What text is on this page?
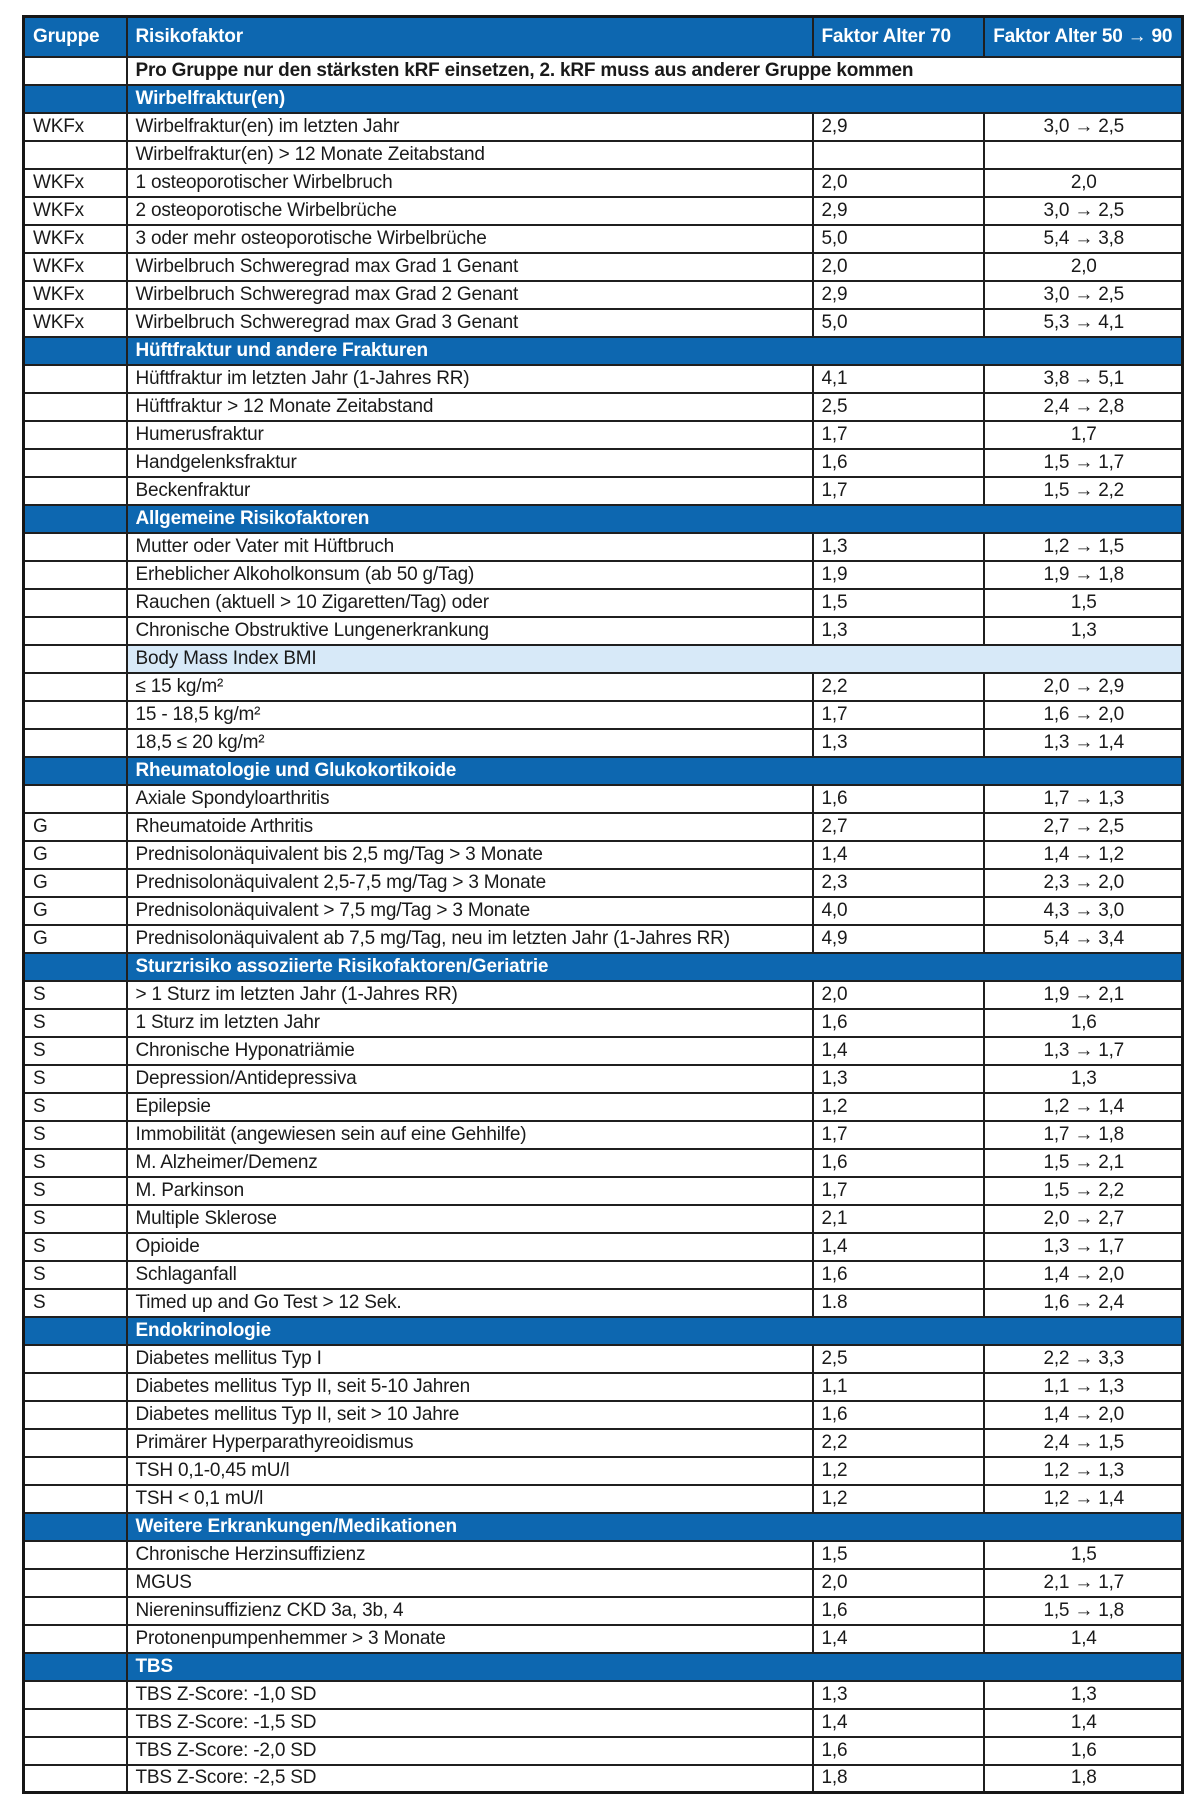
Gruppe	Risikofaktor	Faktor Alter 70	Faktor Alter 50 → 90
	Pro Gruppe nur den stärksten kRF einsetzen, 2. kRF muss aus anderer Gruppe kommen		
	Wirbelfraktur(en)		
WKFx	Wirbelfraktur(en) im letzten Jahr	2,9	3,0 → 2,5
	Wirbelfraktur(en) > 12 Monate Zeitabstand		
WKFx	1 osteoporotischer Wirbelbruch	2,0	2,0
WKFx	2 osteoporotische Wirbelbrüche	2,9	3,0 → 2,5
WKFx	3 oder mehr osteoporotische Wirbelbrüche	5,0	5,4 → 3,8
WKFx	Wirbelbruch Schweregrad max Grad 1 Genant	2,0	2,0
WKFx	Wirbelbruch Schweregrad max Grad 2 Genant	2,9	3,0 → 2,5
WKFx	Wirbelbruch Schweregrad max Grad 3 Genant	5,0	5,3 → 4,1
	Hüftfraktur und andere Frakturen		
	Hüftfraktur im letzten Jahr (1-Jahres RR)	4,1	3,8 → 5,1
	Hüftfraktur > 12 Monate Zeitabstand	2,5	2,4 → 2,8
	Humerusfraktur	1,7	1,7
	Handgelenksfraktur	1,6	1,5 → 1,7
	Beckenfraktur	1,7	1,5 → 2,2
	Allgemeine Risikofaktoren		
	Mutter oder Vater mit Hüftbruch	1,3	1,2 → 1,5
	Erheblicher Alkoholkonsum (ab 50 g/Tag)	1,9	1,9 → 1,8
	Rauchen (aktuell > 10 Zigaretten/Tag) oder	1,5	1,5
	Chronische Obstruktive Lungenerkrankung	1,3	1,3
	Body Mass Index BMI		
	≤ 15 kg/m²	2,2	2,0 → 2,9
	15 - 18,5 kg/m²	1,7	1,6 → 2,0
	18,5 ≤ 20 kg/m²	1,3	1,3 → 1,4
	Rheumatologie und Glukokortikoide		
	Axiale Spondyloarthritis	1,6	1,7 → 1,3
G	Rheumatoide Arthritis	2,7	2,7 → 2,5
G	Prednisolonäquivalent bis 2,5 mg/Tag > 3 Monate	1,4	1,4 → 1,2
G	Prednisolonäquivalent 2,5-7,5 mg/Tag > 3 Monate	2,3	2,3 → 2,0
G	Prednisolonäquivalent > 7,5 mg/Tag > 3 Monate	4,0	4,3 → 3,0
G	Prednisolonäquivalent ab 7,5 mg/Tag, neu im letzten Jahr (1-Jahres RR)	4,9	5,4 → 3,4
	Sturzrisiko assoziierte Risikofaktoren/Geriatrie		
S	> 1 Sturz im letzten Jahr (1-Jahres RR)	2,0	1,9 → 2,1
S	1 Sturz im letzten Jahr	1,6	1,6
S	Chronische Hyponatriämie	1,4	1,3 → 1,7
S	Depression/Antidepressiva	1,3	1,3
S	Epilepsie	1,2	1,2 → 1,4
S	Immobilität (angewiesen sein auf eine Gehhilfe)	1,7	1,7 → 1,8
S	M. Alzheimer/Demenz	1,6	1,5 → 2,1
S	M. Parkinson	1,7	1,5 → 2,2
S	Multiple Sklerose	2,1	2,0 → 2,7
S	Opioide	1,4	1,3 → 1,7
S	Schlaganfall	1,6	1,4 → 2,0
S	Timed up and Go Test > 12 Sek.	1.8	1,6 → 2,4
	Endokrinologie		
	Diabetes mellitus Typ I	2,5	2,2 → 3,3
	Diabetes mellitus Typ II, seit 5-10 Jahren	1,1	1,1 → 1,3
	Diabetes mellitus Typ II, seit > 10 Jahre	1,6	1,4 → 2,0
	Primärer Hyperparathyreoidismus	2,2	2,4 → 1,5
	TSH 0,1-0,45 mU/l	1,2	1,2 → 1,3
	TSH < 0,1 mU/l	1,2	1,2 → 1,4
	Weitere Erkrankungen/Medikationen		
	Chronische Herzinsuffizienz	1,5	1,5
	MGUS	2,0	2,1 → 1,7
	Niereninsuffizienz CKD 3a, 3b, 4	1,6	1,5 → 1,8
	Protonenpumpenhemmer > 3 Monate	1,4	1,4
	TBS		
	TBS Z-Score: -1,0 SD	1,3	1,3
	TBS Z-Score: -1,5 SD	1,4	1,4
	TBS Z-Score: -2,0 SD	1,6	1,6
	TBS Z-Score: -2,5 SD	1,8	1,8
